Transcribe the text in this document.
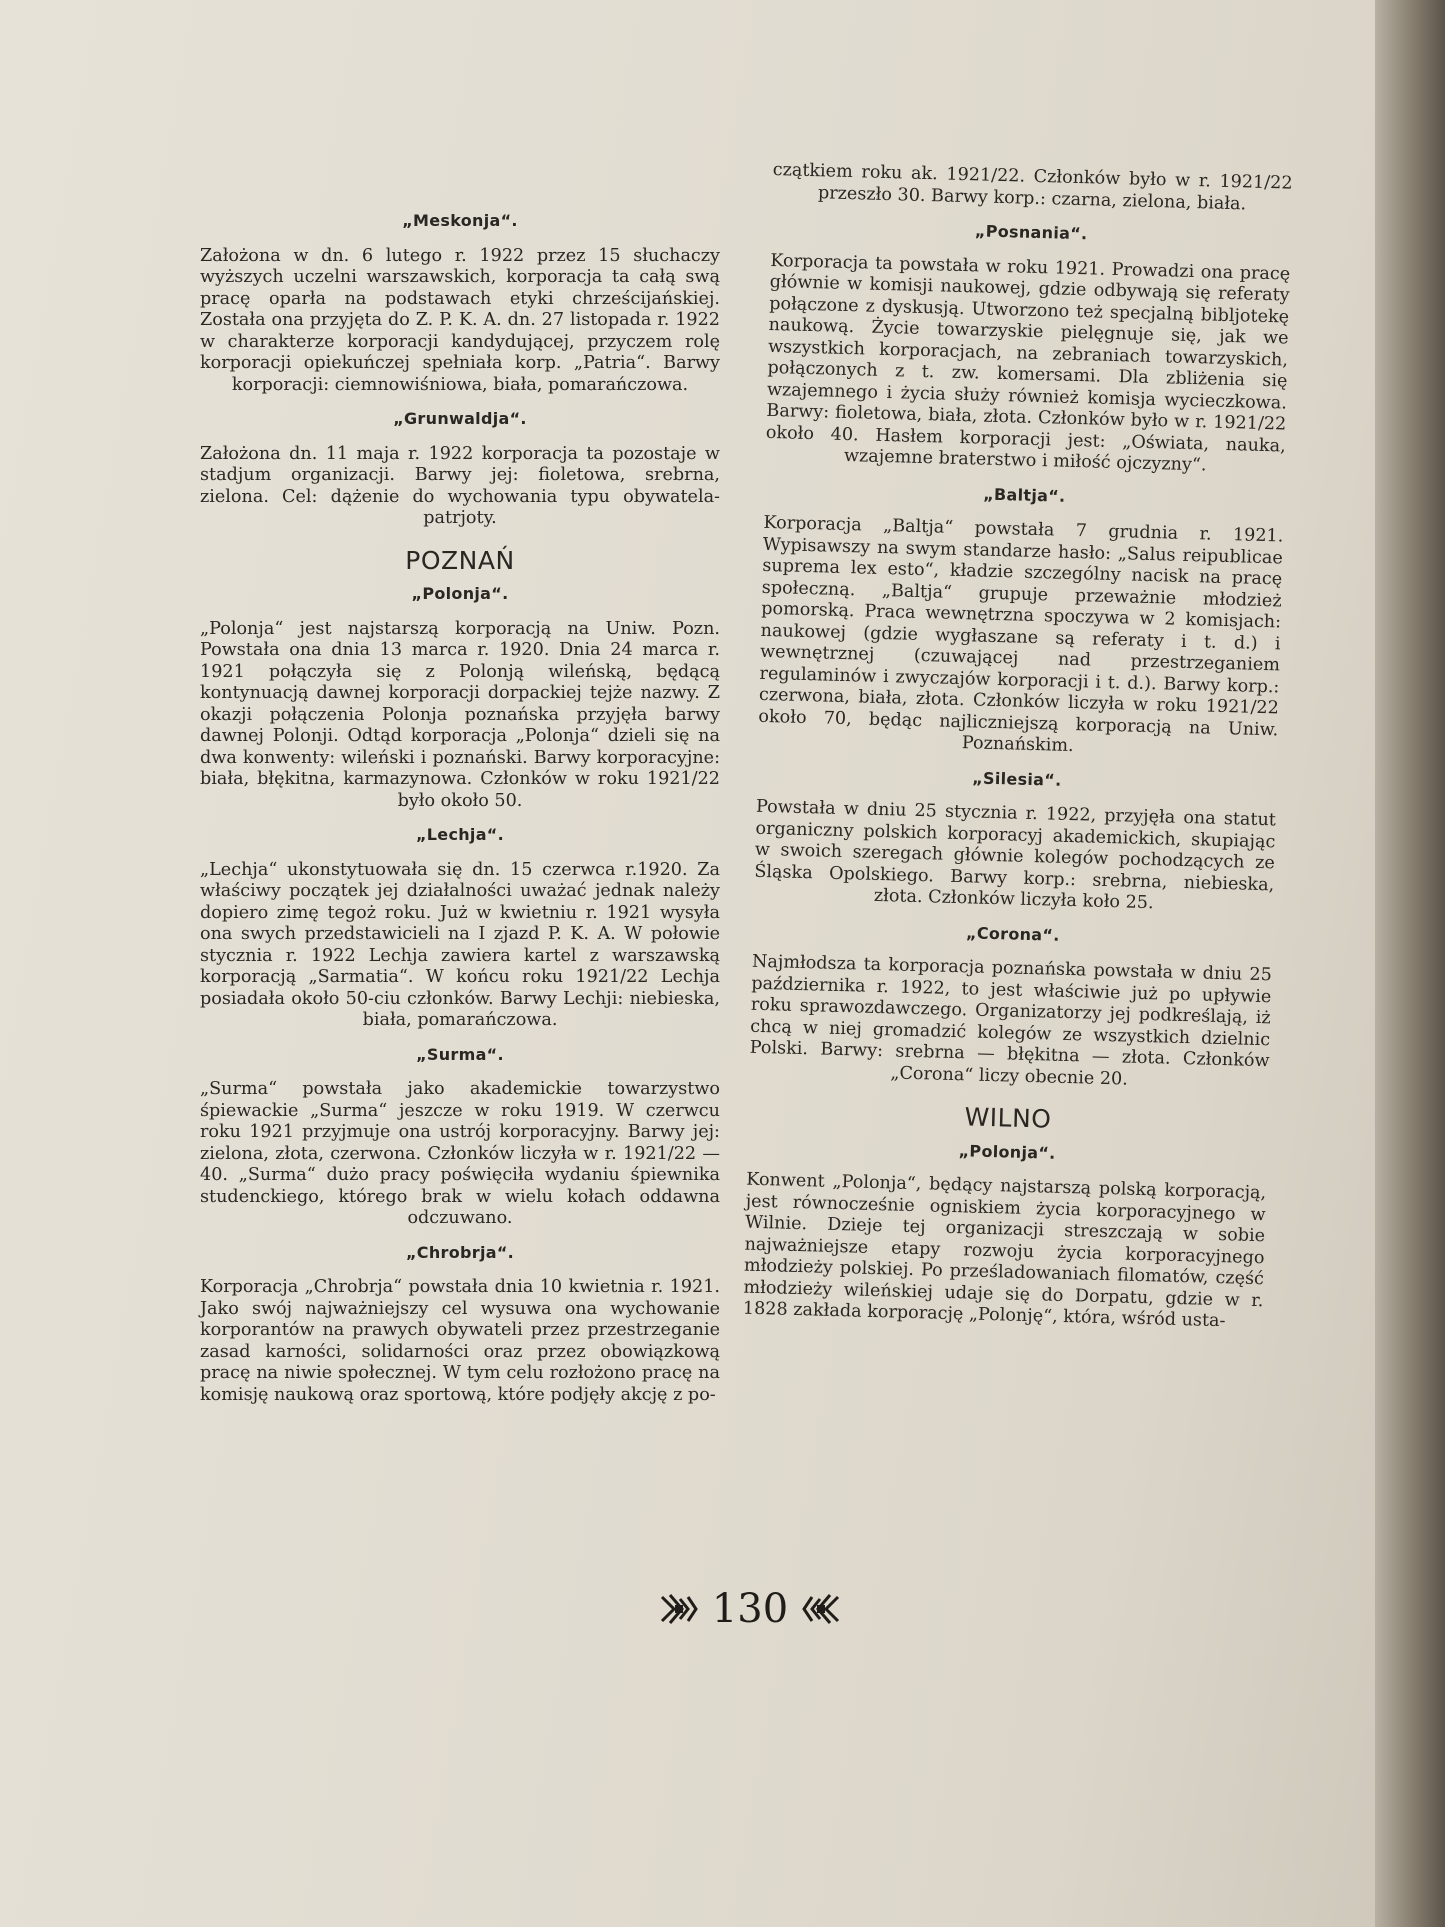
„Meskonja“.

Założona w dn. 6 lutego r. 1922 przez 15 słuchaczy wyższych uczelni warszawskich, korporacja ta całą swą pracę oparła na podstawach etyki chrześcijańskiej. Została ona przyjęta do Z. P. K. A. dn. 27 listopada r. 1922 w charakterze korporacji kandydującej, przyczem rolę korporacji opiekuńczej spełniała korp. „Patria“. Barwy korporacji: ciemnowiśniowa, biała, pomarańczowa.

„Grunwaldja“.

Założona dn. 11 maja r. 1922 korporacja ta pozostaje w stadjum organizacji. Barwy jej: fioletowa, srebrna, zielona. Cel: dążenie do wychowania typu obywatela-patrjoty.

POZNAŃ
„Polonja“.

„Polonja“ jest najstarszą korporacją na Uniw. Pozn. Powstała ona dnia 13 marca r. 1920. Dnia 24 marca r. 1921 połączyła się z Polonją wileńską, będącą kontynuacją dawnej korporacji dorpackiej tejże nazwy. Z okazji połączenia Polonja poznańska przyjęła barwy dawnej Polonji. Odtąd korporacja „Polonja“ dzieli się na dwa konwenty: wileński i poznański. Barwy korporacyjne: biała, błękitna, karmazynowa. Członków w roku 1921/22 było około 50.

„Lechja“.

„Lechja“ ukonstytuowała się dn. 15 czerwca r.1920. Za właściwy początek jej działalności uważać jednak należy dopiero zimę tegoż roku. Już w kwietniu r. 1921 wysyła ona swych przedstawicieli na I zjazd P. K. A. W połowie stycznia r. 1922 Lechja zawiera kartel z warszawską korporacją „Sarmatia“. W końcu roku 1921/22 Lechja posiadała około 50-ciu członków. Barwy Lechji: niebieska, biała, pomarańczowa.

„Surma“.

„Surma“ powstała jako akademickie towarzystwo śpiewackie „Surma“ jeszcze w roku 1919. W czerwcu roku 1921 przyjmuje ona ustrój korporacyjny. Barwy jej: zielona, złota, czerwona. Członków liczyła w r. 1921/22 — 40. „Surma“ dużo pracy poświęciła wydaniu śpiewnika studenckiego, którego brak w wielu kołach oddawna odczuwano.

„Chrobrja“.

Korporacja „Chrobrja“ powstała dnia 10 kwietnia r. 1921. Jako swój najważniejszy cel wysuwa ona wychowanie korporantów na prawych obywateli przez przestrzeganie zasad karności, solidarności oraz przez obowiązkową pracę na niwie społecznej. W tym celu rozłożono pracę na komisję naukową oraz sportową, które podjęły akcję z po-

czątkiem roku ak. 1921/22. Członków było w r. 1921/22 przeszło 30. Barwy korp.: czarna, zielona, biała.

„Posnania“.

Korporacja ta powstała w roku 1921. Prowadzi ona pracę głównie w komisji naukowej, gdzie odbywają się referaty połączone z dyskusją. Utworzono też specjalną bibljotekę naukową. Życie towarzyskie pielęgnuje się, jak we wszystkich korporacjach, na zebraniach towarzyskich, połączonych z t. zw. komersami. Dla zbliżenia się wzajemnego i życia służy również komisja wycieczkowa. Barwy: fioletowa, biała, złota. Członków było w r. 1921/22 około 40. Hasłem korporacji jest: „Oświata, nauka, wzajemne braterstwo i miłość ojczyzny“.

„Baltja“.

Korporacja „Baltja“ powstała 7 grudnia r. 1921. Wypisawszy na swym standarze hasło: „Salus reipublicae suprema lex esto“, kładzie szczególny nacisk na pracę społeczną. „Baltja“ grupuje przeważnie młodzież pomorską. Praca wewnętrzna spoczywa w 2 komisjach: naukowej (gdzie wygłaszane są referaty i t. d.) i wewnętrznej (czuwającej nad przestrzeganiem regulaminów i zwyczajów korporacji i t. d.). Barwy korp.: czerwona, biała, złota. Członków liczyła w roku 1921/22 około 70, będąc najliczniejszą korporacją na Uniw. Poznańskim.

„Silesia“.

Powstała w dniu 25 stycznia r. 1922, przyjęła ona statut organiczny polskich korporacyj akademickich, skupiając w swoich szeregach głównie kolegów pochodzących ze Śląska Opolskiego. Barwy korp.: srebrna, niebieska, złota. Członków liczyła koło 25.

„Corona“.

Najmłodsza ta korporacja poznańska powstała w dniu 25 października r. 1922, to jest właściwie już po upływie roku sprawozdawczego. Organizatorzy jej podkreślają, iż chcą w niej gromadzić kolegów ze wszystkich dzielnic Polski. Barwy: srebrna — błękitna — złota. Członków „Corona“ liczy obecnie 20.

WILNO
„Polonja“.

Konwent „Polonja“, będący najstarszą polską korporacją, jest równocześnie ogniskiem życia korporacyjnego w Wilnie. Dzieje tej organizacji streszczają w sobie najważniejsze etapy rozwoju życia korporacyjnego młodzieży polskiej. Po prześladowaniach filomatów, część młodzieży wileńskiej udaje się do Dorpatu, gdzie w r. 1828 zakłada korporację „Polonję“, która, wśród usta-

130
